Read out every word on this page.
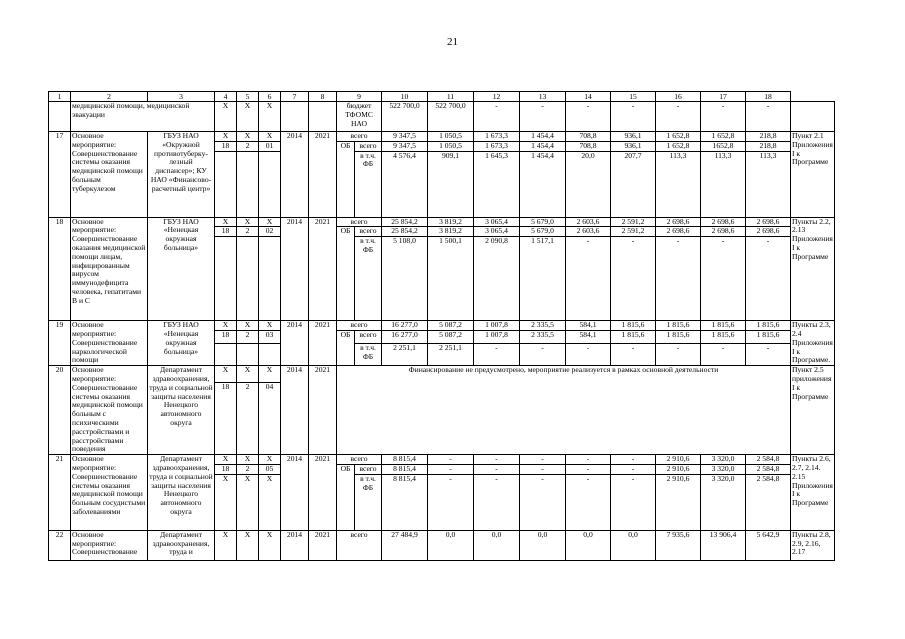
21
1	2	3	4	5	6	7	8	9		10	11	12	13	14	15	16	17	18	
	медицинской помощи, медицинской эвакуации		Х	Х	Х			бюджет ТФОМС НАО		522 700,0	522 700,0	-	-	-	-	-	-	-	
17	Основное мероприятие: Совершенствование системы оказания медицинской помощи больным туберкулезом	ГБУЗ НАО «Окружной противотуберку-лезный диспансер»; КУ НАО «Финансово-расчетный центр»	Х	Х	Х	2014	2021	всего		9 347,5	1 050,5	1 673,3	1 454,4	708,8	936,1	1 652,8	1 652,8	218,8	Пункт 2.1 Приложения I к Программе
			18	2	01			ОБ	всего	9 347,5	1 050,5	1 673,3	1 454,4	708,8	936,1	1 652,8	1652,8	218,8	
									в т.ч. ФБ	4 576,4	909,1	1 645,3	1 454,4	20,0	207,7	113,3	113,3	113,3	
18	Основное мероприятие: Совершенствование оказания медицинской помощи лицам, инфицированным вирусом иммунодефицита человека, гепатитами В и С	ГБУЗ НАО «Ненецкая окружная больница»	Х	Х	Х	2014	2021	всего		25 854,2	3 819,2	3 065,4	5 679,0	2 603,6	2 591,2	2 698,6	2 698,6	2 698,6	Пункты 2.2, 2.13 Приложения I к Программе
			18	2	02			ОБ	всего	25 854,2	3 819,2	3 065,4	5 679,0	2 603,6	2 591,2	2 698,6	2 698,6	2 698,6	
									в т.ч. ФБ	5 108,0	1 500,1	2 090,8	1 517,1	-	-	-	-	-	
19	Основное мероприятие: Совершенствование наркологической помощи	ГБУЗ НАО «Ненецкая окружная больница»	Х	Х	Х	2014	2021	всего		16 277,0	5 087,2	1 007,8	2 335,5	584,1	1 815,6	1 815,6	1 815,6	1 815,6	Пункты 2.3, 2.4 Приложения I к Программе.
			18	2	03			ОБ	всего	16 277,0	5 087,2	1 007,8	2 335,5	584,1	1 815,6	1 815,6	1 815,6	1 815,6	
									в т.ч. ФБ	2 251,1	2 251,1	-	-	-	-	-	-	-	
20	Основное мероприятие: Совершенствование системы оказания медицинской помощи больным с психическими расстройствами и расстройствами поведения	Департамент здравоохранения, труда и социальной защиты населения Ненецкого автономного округа	Х	Х	Х	2014	2021	Финансирование не предусмотрено, мероприятие реализуется в рамках основной деятельности											Пункт 2.5 приложения I к Программе
			18	2	04														
21	Основное мероприятие: Совершенствование системы оказания медицинской помощи больным сосудистыми заболеваниями	Департамент здравоохранения, труда и социальной защиты населения Ненецкого автономного округа	Х	Х	Х	2014	2021	всего		8 815,4	-	-	-	-	-	2 910,6	3 320,0	2 584,8	Пункты 2.6, 2.7, 2.14. 2.15 Приложения I к Программе
			18	2	05			ОБ	всего	8 815,4	-	-	-	-	-	2 910,6	3 320,0	2 584,8	
			Х	Х	Х				в т.ч. ФБ	8 815,4	-	-	-	-	-	2 910,6	3 320,0	2 584,8	
22	Основное мероприятие: Совершенствование	Департамент здравоохранения, труда и	Х	Х	Х	2014	2021	всего		27 484,9	0,0	0,0	0,0	0,0	0,0	7 935,6	13 906,4	5 642,9	Пункты 2.8, 2.9, 2.16, 2.17
